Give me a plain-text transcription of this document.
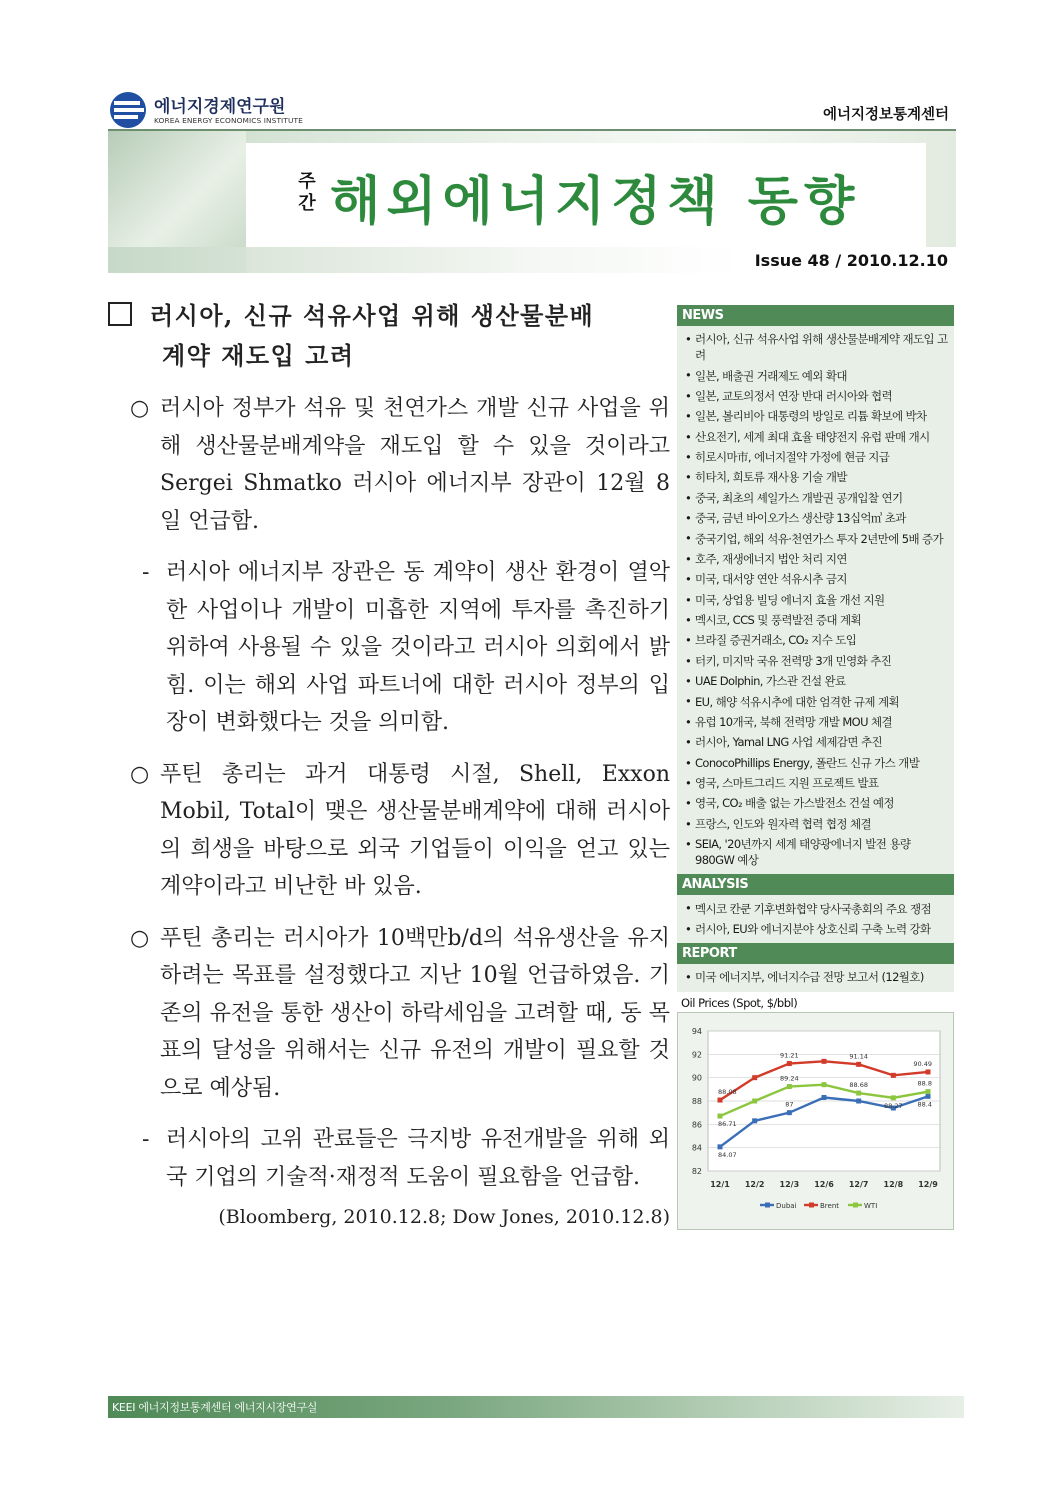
에너지경제연구원
KOREA ENERGY ECONOMICS INSTITUTE	에너지정보통계센터
주간 해외에너지정책 동향
Issue 48 / 2010.12.10
러시아, 신규 석유사업 위해 생산물분배
계약 재도입 고려
○ 러시아 정부가 석유 및 천연가스 개발 신규 사업을 위해 생산물분배계약을 재도입 할 수 있을 것이라고 Sergei Shmatko 러시아 에너지부 장관이 12월 8일 언급함.
- 러시아 에너지부 장관은 동 계약이 생산 환경이 열악한 사업이나 개발이 미흡한 지역에 투자를 촉진하기 위하여 사용될 수 있을 것이라고 러시아 의회에서 밝힘. 이는 해외 사업 파트너에 대한 러시아 정부의 입장이 변화했다는 것을 의미함.
○ 푸틴 총리는 과거 대통령 시절, Shell, Exxon Mobil, Total이 맺은 생산물분배계약에 대해 러시아의 희생을 바탕으로 외국 기업들이 이익을 얻고 있는 계약이라고 비난한 바 있음.
○ 푸틴 총리는 러시아가 10백만b/d의 석유생산을 유지하려는 목표를 설정했다고 지난 10월 언급하였음. 기존의 유전을 통한 생산이 하락세임을 고려할 때, 동 목표의 달성을 위해서는 신규 유전의 개발이 필요할 것으로 예상됨.
- 러시아의 고위 관료들은 극지방 유전개발을 위해 외국 기업의 기술적·재정적 도움이 필요함을 언급함.
(Bloomberg, 2010.12.8; Dow Jones, 2010.12.8)
NEWS
• 러시아, 신규 석유사업 위해 생산물분배계약 재도입 고려
• 일본, 배출권 거래제도 예외 확대
• 일본, 교토의정서 연장 반대 러시아와 협력
• 일본, 볼리비아 대통령의 방일로 리튬 확보에 박차
• 산요전기, 세계 최대 효율 태양전지 유럽 판매 개시
• 히로시마市, 에너지절약 가정에 현금 지급
• 히타치, 희토류 재사용 기술 개발
• 중국, 최초의 셰일가스 개발권 공개입찰 연기
• 중국, 금년 바이오가스 생산량 13십억㎥ 초과
• 중국기업, 해외 석유·천연가스 투자 2년만에 5배 증가
• 호주, 재생에너지 법안 처리 지연
• 미국, 대서양 연안 석유시추 금지
• 미국, 상업용 빌딩 에너지 효율 개선 지원
• 멕시코, CCS 및 풍력발전 증대 계획
• 브라질 증권거래소, CO₂ 지수 도입
• 터키, 미지막 국유 전력망 3개 민영화 추진
• UAE Dolphin, 가스관 건설 완료
• EU, 해양 석유시추에 대한 엄격한 규제 계획
• 유럽 10개국, 북해 전력망 개발 MOU 체결
• 러시아, Yamal LNG 사업 세제감면 추진
• ConocoPhillips Energy, 폴란드 신규 가스 개발
• 영국, 스마트그리드 지원 프로젝트 발표
• 영국, CO₂ 배출 없는 가스발전소 건설 예정
• 프랑스, 인도와 원자력 협력 협정 체결
• SEIA, '20년까지 세계 태양광에너지 발전 용량 980GW 예상
ANALYSIS
• 멕시코 칸쿤 기후변화협약 당사국총회의 주요 쟁점
• 러시아, EU와 에너지분야 상호신뢰 구축 노력 강화
REPORT
• 미국 에너지부, 에너지수급 전망 보고서 (12월호)
Oil Prices (Spot, $/bbl)
82
84
86
88
90
92
94
12/1 12/2 12/3 12/6 12/7 12/8 12/9
84.07
86.71
88.08
91.21
89.24
87
91.14
88.68
88.27
90.49
88.8
88.4
Dubai	Brent	WTI
KEEI 에너지정보통계센터 에너지시장연구실
